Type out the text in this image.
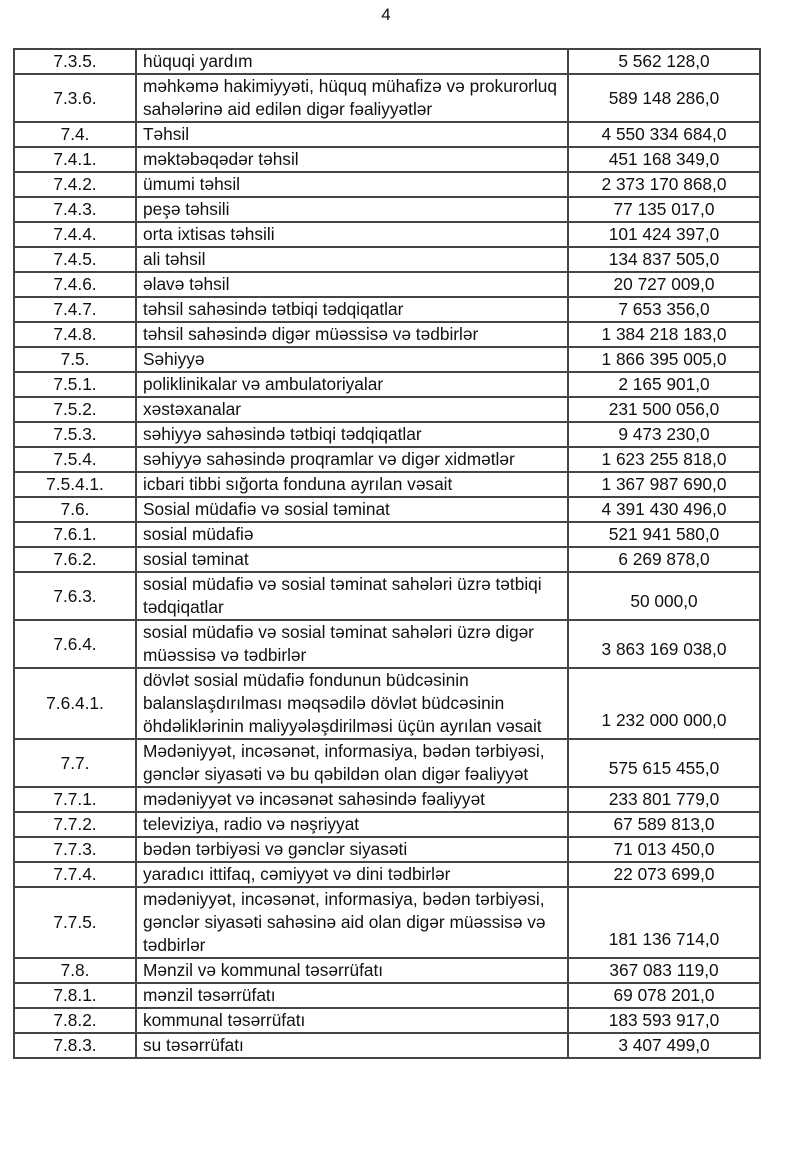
4
7.3.5.	hüquqi yardım	5 562 128,0
7.3.6.	məhkəmə hakimiyyəti, hüquq mühafizə və prokurorluq sahələrinə aid edilən digər fəaliyyətlər	589 148 286,0
7.4.	Təhsil	4 550 334 684,0
7.4.1.	məktəbəqədər təhsil	451 168 349,0
7.4.2.	ümumi təhsil	2 373 170 868,0
7.4.3.	peşə təhsili	77 135 017,0
7.4.4.	orta ixtisas təhsili	101 424 397,0
7.4.5.	ali təhsil	134 837 505,0
7.4.6.	əlavə təhsil	20 727 009,0
7.4.7.	təhsil sahəsində tətbiqi tədqiqatlar	7 653 356,0
7.4.8.	təhsil sahəsində digər müəssisə və tədbirlər	1 384 218 183,0
7.5.	Səhiyyə	1 866 395 005,0
7.5.1.	poliklinikalar və ambulatoriyalar	2 165 901,0
7.5.2.	xəstəxanalar	231 500 056,0
7.5.3.	səhiyyə sahəsində tətbiqi tədqiqatlar	9 473 230,0
7.5.4.	səhiyyə sahəsində proqramlar və digər xidmətlər	1 623 255 818,0
7.5.4.1.	icbari tibbi sığorta fonduna ayrılan vəsait	1 367 987 690,0
7.6.	Sosial müdafiə və sosial təminat	4 391 430 496,0
7.6.1.	sosial müdafiə	521 941 580,0
7.6.2.	sosial təminat	6 269 878,0
7.6.3.	sosial müdafiə və sosial təminat sahələri üzrə tətbiqi tədqiqatlar	50 000,0
7.6.4.	sosial müdafiə və sosial təminat sahələri üzrə digər müəssisə və tədbirlər	3 863 169 038,0
7.6.4.1.	dövlət sosial müdafiə fondunun büdcəsinin balanslaşdırılması məqsədilə dövlət büdcəsinin öhdəliklərinin maliyyələşdirilməsi üçün ayrılan vəsait	1 232 000 000,0
7.7.	Mədəniyyət, incəsənət, informasiya, bədən tərbiyəsi, gənclər siyasəti və bu qəbildən olan digər fəaliyyət	575 615 455,0
7.7.1.	mədəniyyət və incəsənət sahəsində fəaliyyət	233 801 779,0
7.7.2.	televiziya, radio və nəşriyyat	67 589 813,0
7.7.3.	bədən tərbiyəsi və gənclər siyasəti	71 013 450,0
7.7.4.	yaradıcı ittifaq, cəmiyyət və dini tədbirlər	22 073 699,0
7.7.5.	mədəniyyət, incəsənət, informasiya, bədən tərbiyəsi, gənclər siyasəti sahəsinə aid olan digər müəssisə və tədbirlər	181 136 714,0
7.8.	Mənzil və kommunal təsərrüfatı	367 083 119,0
7.8.1.	mənzil təsərrüfatı	69 078 201,0
7.8.2.	kommunal təsərrüfatı	183 593 917,0
7.8.3.	su təsərrüfatı	3 407 499,0
